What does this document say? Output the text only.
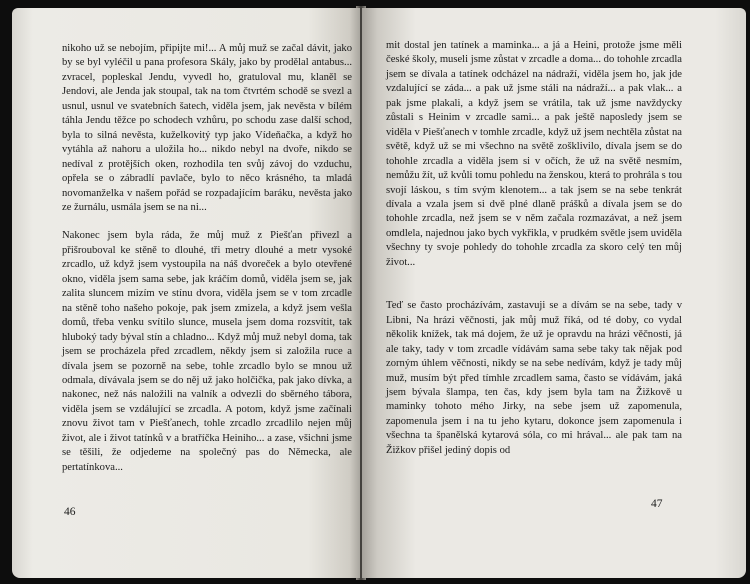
nikoho už se nebojím, připijte mi!... A můj muž se začal dávit, jako by se byl vyléčil u pana profesora Skály, jako by prodělal antabus... zvracel, popleskal Jendu, vyvedl ho, gratuloval mu, klaněl se Jendovi, ale Jenda jak stoupal, tak na tom čtvrtém schodě se svezl a usnul, usnul ve svatebních šatech, viděla jsem, jak nevěsta v bílém táhla Jendu těžce po schodech vzhůru, po schodu zase další schod, byla to silná nevěsta, kuželkovitý typ jako Vídeňačka, a když ho vytáhla až nahoru a uložila ho... nikdo nebyl na dvoře, nikdo se nedíval z protějších oken, rozhodila ten svůj závoj do vzduchu, opřela se o zábradlí pavlače, bylo to něco krásného, ta mladá novomanželka v našem pořád se rozpadajícím baráku, nevěsta jako ze žurnálu, usmála jsem se na ni...

Nakonec jsem byla ráda, že můj muž z Piešťan přivezl a přišrouboval ke stěně to dlouhé, tři metry dlouhé a metr vysoké zrcadlo, už když jsem vystoupila na náš dvoreček a bylo otevřené okno, viděla jsem sama sebe, jak kráčím domů, viděla jsem se, jak zalita sluncem mizím ve stínu dvora, viděla jsem se v tom zrcadle na stěně toho našeho pokoje, pak jsem zmizela, a když jsem vešla domů, třeba venku svítilo slunce, musela jsem doma rozsvítit, tak hluboký tady býval stín a chladno... Když můj muž nebyl doma, tak jsem se procházela před zrcadlem, někdy jsem si založila ruce a dívala jsem se pozorně na sebe, tohle zrcadlo bylo se mnou už odmala, dívávala jsem se do něj už jako holčička, pak jako dívka, a nakonec, než nás naložili na valník a odvezli do sběrného tábora, viděla jsem se vzdálující se zrcadla. A potom, když jsme začínali znovu život tam v Piešťanech, tohle zrcadlo zrcadlilo nejen můj život, ale i život tatínků v a bratříčka Heiniho... a zase, všichni jsme se těšili, že odjedeme na společný pas do Německa, ale pertatínkova...

46

mit dostal jen tatínek a maminka... a já a Heini, protože jsme měli české školy, museli jsme zůstat v zrcadle a doma... do tohohle zrcadla jsem se dívala a tatínek odcházel na nádraží, viděla jsem ho, jak jde vzdalující se záda... a pak už jsme stáli na nádraží... a pak vlak... a pak jsme plakali, a když jsem se vrátila, tak už jsme navždycky zůstali s Heinim v zrcadle sami... a pak ještě naposledy jsem se viděla v Piešťanech v tomhle zrcadle, když už jsem nechtěla zůstat na světě, když už se mi všechno na světě zošklivilo, dívala jsem se do tohohle zrcadla a viděla jsem si v očích, že už na světě nesmím, nemůžu žít, už kvůli tomu pohledu na ženskou, která to prohrála s tou svojí láskou, s tím svým klenotem... a tak jsem se na sebe tenkrát dívala a vzala jsem si dvě plné dlaně prášků a dívala jsem se do tohohle zrcadla, než jsem se v něm začala rozmazávat, a než jsem omdlela, najednou jako bych vykřikla, v prudkém světle jsem uviděla všechny ty svoje pohledy do tohohle zrcadla za skoro celý ten můj život...

Teď se často procházívám, zastavuji se a dívám se na sebe, tady v Libni, Na hrázi věčnosti, jak můj muž říká, od té doby, co vydal několik knížek, tak má dojem, že už je opravdu na hrázi věčnosti, já ale taky, tady v tom zrcadle vídávám sama sebe taky tak nějak pod zorným úhlem věčnosti, nikdy se na sebe nedívám, když je tady můj muž, musím být před tímhle zrcadlem sama, často se vídávám, jaká jsem bývala šlampa, ten čas, kdy jsem byla tam na Žižkově u maminky tohoto mého Jirky, na sebe jsem už zapomenula, zapomenula jsem i na tu jeho kytaru, dokonce jsem zapomenula i všechna ta španělská kytarová sóla, co mi hrával... ale pak tam na Žižkov přišel jediný dopis od

47
